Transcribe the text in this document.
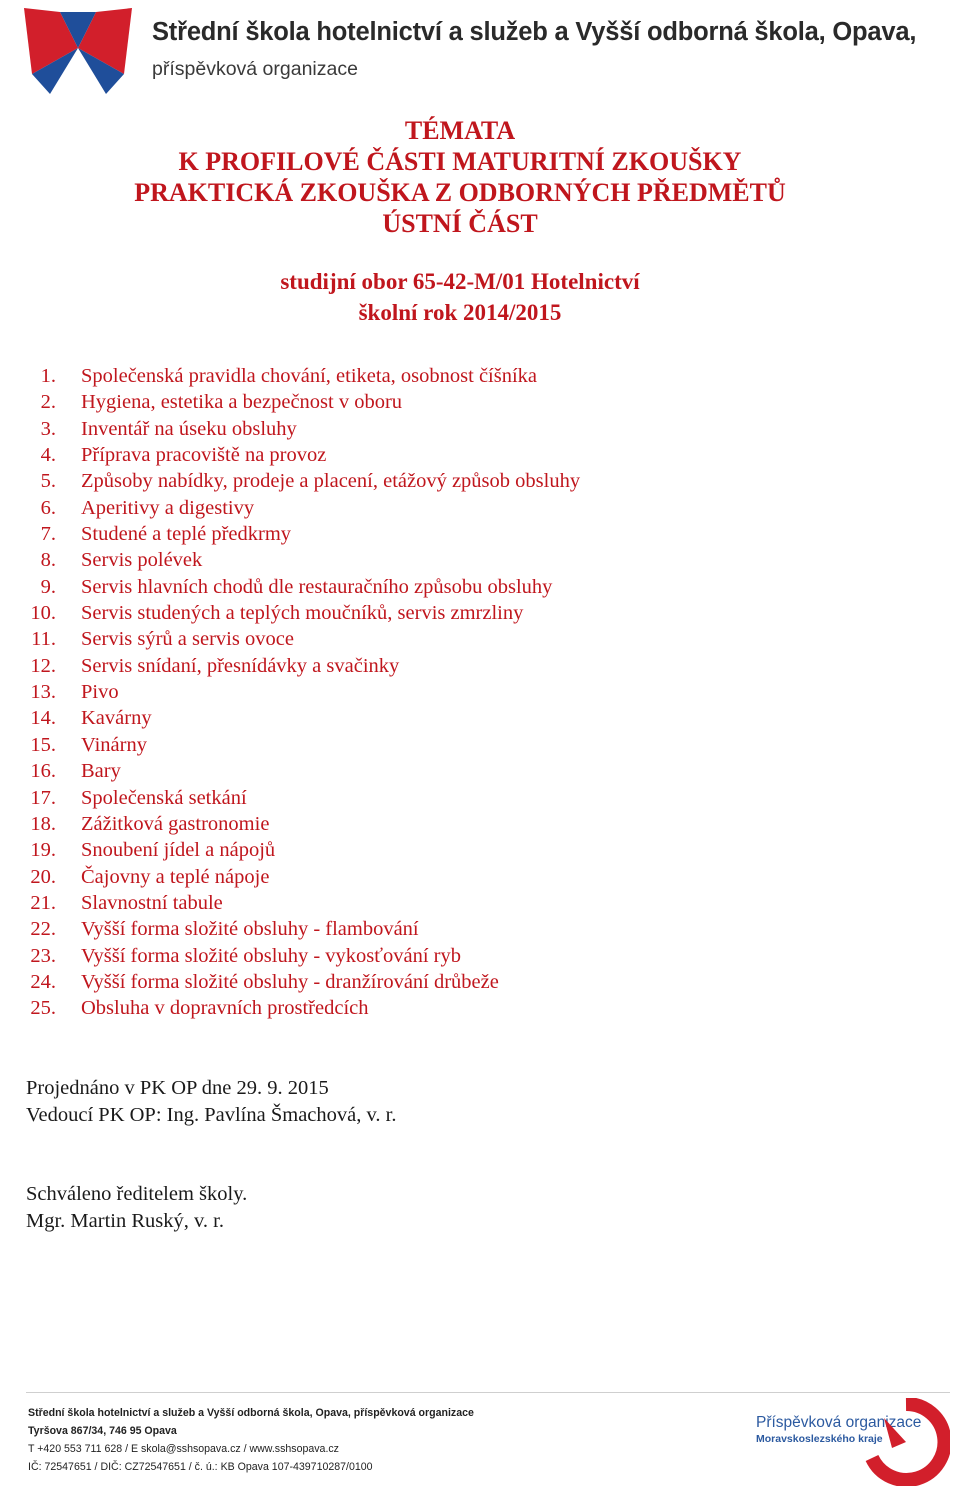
Střední škola hotelnictví a služeb a Vyšší odborná škola, Opava,
příspěvková organizace
TÉMATA
K PROFILOVÉ ČÁSTI MATURITNÍ ZKOUŠKY
PRAKTICKÁ ZKOUŠKA Z ODBORNÝCH PŘEDMĚTŮ
ÚSTNÍ ČÁST
studijní obor 65-42-M/01 Hotelnictví
školní rok 2014/2015
1. Společenská pravidla chování, etiketa, osobnost číšníka
2. Hygiena, estetika a bezpečnost v oboru
3. Inventář na úseku obsluhy
4. Příprava pracoviště na provoz
5. Způsoby nabídky, prodeje a placení, etážový způsob obsluhy
6. Aperitivy a digestivy
7. Studené a teplé předkrmy
8. Servis polévek
9. Servis hlavních chodů dle restauračního způsobu obsluhy
10. Servis studených a teplých moučníků, servis zmrzliny
11. Servis sýrů a servis ovoce
12. Servis snídaní, přesnídávky a svačinky
13. Pivo
14. Kavárny
15. Vinárny
16. Bary
17. Společenská setkání
18. Zážitková gastronomie
19. Snoubení jídel a nápojů
20. Čajovny a teplé nápoje
21. Slavnostní tabule
22. Vyšší forma složité obsluhy - flambování
23. Vyšší forma složité obsluhy - vykosťování ryb
24. Vyšší forma složité obsluhy - dranžírování drůbeže
25. Obsluha v dopravních prostředcích
Projednáno v PK OP dne 29. 9. 2015
Vedoucí PK OP: Ing. Pavlína Šmachová, v. r.
Schváleno ředitelem školy.
Mgr. Martin Ruský, v. r.
Střední škola hotelnictví a služeb a Vyšší odborná škola, Opava, příspěvková organizace
Tyršova 867/34, 746 95 Opava
T +420 553 711 628 / E skola@sshsopava.cz / www.sshsopava.cz
IČ: 72547651 / DIČ: CZ72547651 / č. ú.: KB Opava 107-439710287/0100
Příspěvková organizace
Moravskoslezského kraje
